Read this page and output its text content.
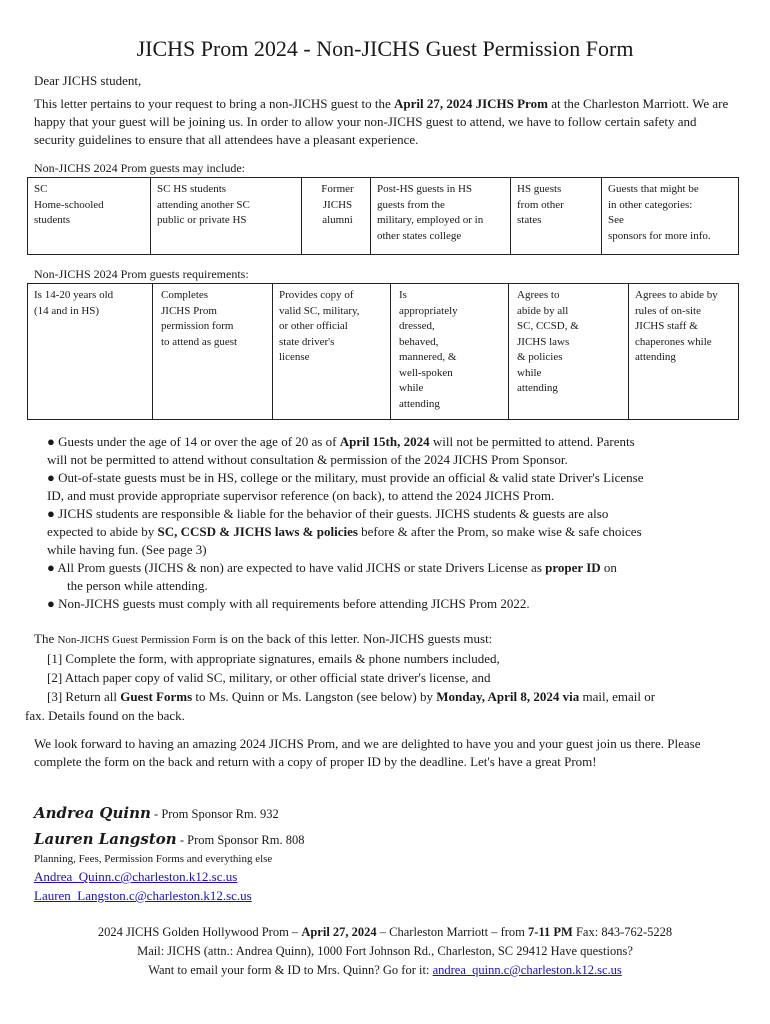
JICHS Prom 2024 - Non-JICHS Guest Permission Form
Dear JICHS student,
This letter pertains to your request to bring a non-JICHS guest to the April 27, 2024 JICHS Prom at the Charleston Marriott. We are happy that your guest will be joining us. In order to allow your non-JICHS guest to attend, we have to follow certain safety and security guidelines to ensure that all attendees have a pleasant experience.
Non-JICHS 2024 Prom guests may include:
SC
Home-schooled
students
SC HS students
attending another SC
public or private HS
Former
JICHS
alumni
Post-HS guests in HS
guests from the
military, employed or in
other states college
HS guests
from other
states
Guests that might be
in other categories:
See
sponsors for more info.
Non-JICHS 2024 Prom guests requirements:
Is 14-20 years old
(14 and in HS)
Completes
JICHS Prom
permission form
to attend as guest
Provides copy of
valid SC, military,
or other official
state driver's
license
Is
appropriately
dressed,
behaved,
mannered, &
well-spoken
while
attending
Agrees to
abide by all
SC, CCSD, &
JICHS laws
& policies
while
attending
Agrees to abide by
rules of on-site
JICHS staff &
chaperones while
attending
● Guests under the age of 14 or over the age of 20 as of April 15th, 2024 will not be permitted to attend. Parents
will not be permitted to attend without consultation & permission of the 2024 JICHS Prom Sponsor.
● Out-of-state guests must be in HS, college or the military, must provide an official & valid state Driver's License
ID, and must provide appropriate supervisor reference (on back), to attend the 2024 JICHS Prom.
● JICHS students are responsible & liable for the behavior of their guests. JICHS students & guests are also
expected to abide by SC, CCSD & JICHS laws & policies before & after the Prom, so make wise & safe choices
while having fun. (See page 3)
● All Prom guests (JICHS & non) are expected to have valid JICHS or state Drivers License as proper ID on
the person while attending.
● Non-JICHS guests must comply with all requirements before attending JICHS Prom 2022.
The Non-JICHS Guest Permission Form is on the back of this letter. Non-JICHS guests must:
[1] Complete the form, with appropriate signatures, emails & phone numbers included,
[2] Attach paper copy of valid SC, military, or other official state driver's license, and
[3] Return all Guest Forms to Ms. Quinn or Ms. Langston (see below) by Monday, April 8, 2024 via mail, email or
fax. Details found on the back.
We look forward to having an amazing 2024 JICHS Prom, and we are delighted to have you and your guest join us there. Please complete the form on the back and return with a copy of proper ID by the deadline. Let's have a great Prom!
Andrea Quinn - Prom Sponsor Rm. 932
Lauren Langston - Prom Sponsor Rm. 808
Planning, Fees, Permission Forms and everything else
Andrea_Quinn.c@charleston.k12.sc.us
Lauren_Langston.c@charleston.k12.sc.us
2024 JICHS Golden Hollywood Prom – April 27, 2024 – Charleston Marriott – from 7-11 PM Fax: 843-762-5228
Mail: JICHS (attn.: Andrea Quinn), 1000 Fort Johnson Rd., Charleston, SC 29412 Have questions?
Want to email your form & ID to Mrs. Quinn? Go for it: andrea_quinn.c@charleston.k12.sc.us
